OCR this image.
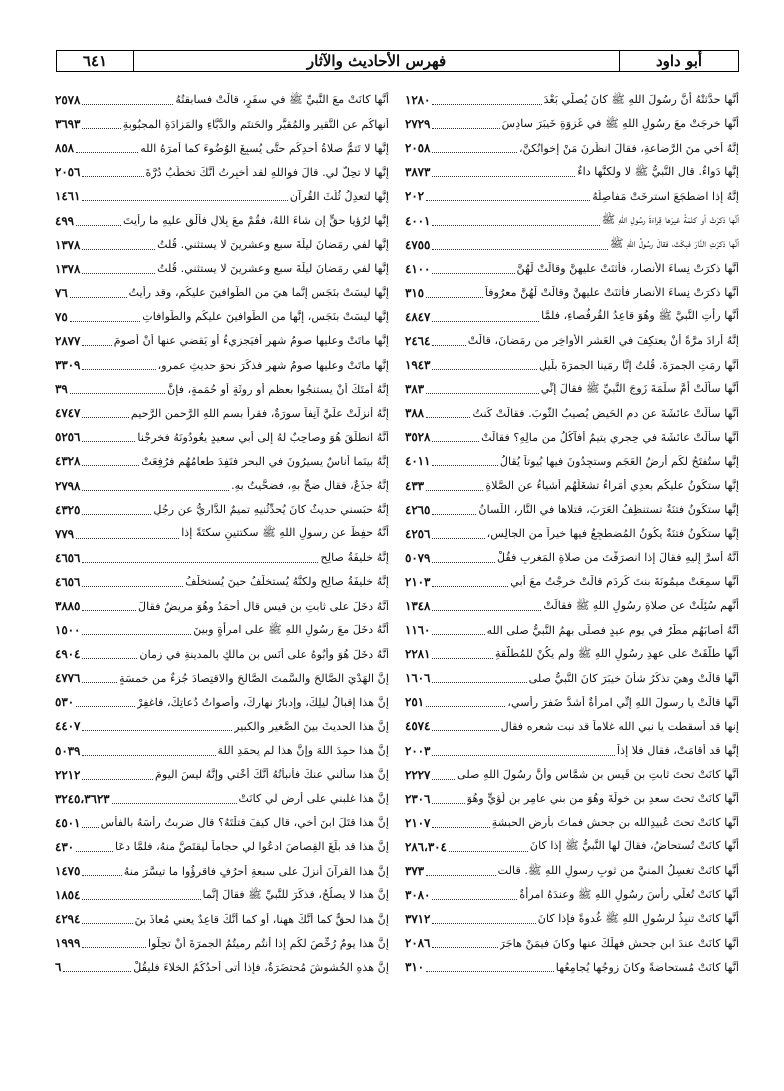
أبو داود
فهرس الأحاديث والآثار
٦٤١
أنَّها حدَّثتْهُ أنَّ رسُولَ اللهِ ﷺ كانَ يُصلِّي بَعْدَ
١٢٨٠
أنَّها خرجَتْ معَ رسُولِ اللهِ ﷺ في غَزوَةِ خَيبَرَ سادِسَ
٢٧٢٩
إنَّهُ أخي منَ الرَّضاعةِ، فقالَ انظُرنَ مَنْ إخوانُكنَّ،
٢٠٥٨
إنَّها دَواءٌ. قال النَّبيُّ ﷺ لا ولكنَّها داءٌ
٣٨٧٣
إنَّهُ إذا اضطجَعَ استرخَتْ مَفاصِلُهُ
٢٠٢
أنَّها ذكرَتْ أو كلمَةً غيرَها قِراءَةَ رسُولِ اللهِ ﷺ
٤٠٠١
أنَّها ذكرَتِ النَّارَ فبكَتْ، فقالَ رسُولُ اللهِ ﷺ
٤٧٥٥
أنَّها ذكرَتْ نِساءَ الأنصارِ، فأثنَتْ عليهِنَّ وقالَتْ لَهُنَّ
٤١٠٠
أنَّها ذكرَتْ نِساءَ الأنصارِ فأثنَتْ عليهِنَّ وقالَتْ لَهُنَّ معرُوفاً
٣١٥
أنَّها رأتِ النَّبيَّ ﷺ وهُوَ قاعِدُ القُرفُصاءِ، فلمَّا
٤٨٤٧
إنَّهُ أرادَ مرَّةً أنْ يعتكِفَ في العَشرِ الأواخِرِ من رمَضانَ، قالَتْ
٢٤٦٤
أنَّها رمَتِ الجمرَةَ. قُلتُ إنَّا رمَينا الجمرَةَ بلَيلٍ
١٩٤٣
أنَّها سألَتْ أمَّ سلَمَةَ زَوجَ النَّبيِّ ﷺ فقالَ إنِّي
٣٨٣
أنَّها سألَتْ عائشَةَ عن دمِ الحَيضِ يُصيبُ الثَّوبَ. فقالَتْ كُنتُ
٣٨٨
أنَّها سألَتْ عائشَةَ في حِجري يتيمٌ أفآكُلُ من مالِهِ؟ فقالَتْ
٣٥٢٨
إنَّها ستُفتَحُ لكُم أرضُ العَجَمِ وستجِدُونَ فيها بُيوتاً يُقالُ
٤٠١١
إنَّها ستكُونُ عليكُم بعدِي أمَراءُ تشغَلُهُم أشياءُ عن الصَّلاةِ
٤٣٣
إنَّها ستكُونُ فتنَةٌ تستنظِفُ العَرَبَ، قتلاها في النَّارِ، اللِّسانُ
٤٢٦٥
إنَّها ستكُونُ فتنَةٌ يكُونُ المُضطجِعُ فيها خيراً من الجالِسِ،
٤٢٥٦
أنَّهُ أسرَّ إليهِ فقالَ إذا انصرَفْتَ من صلاةِ المَغرِبِ فقُلْ
٥٠٧٩
أنَّها سمِعَتْ ميمُونَةَ بنتَ كَردَمٍ قالَتْ خرجْتُ معَ أبي
٢١٠٣
أنَّهم سُئِلَتْ عن صلاةِ رسُولِ اللهِ ﷺ فقالَتْ
١٣٤٨
أنَّهُ أصابَهُم مطَرٌ في يومِ عيدٍ فصلَّى بهِمُ النَّبيُّ صلى الله
١١٦٠
أنَّها طلَّقَتْ على عهدِ رسُولِ اللهِ ﷺ ولم يكُنْ للمُطلَّقةِ
٢٢٨١
أنَّها قالَتْ وهيَ تذكُرُ شأنَ خيبَرَ كانَ النَّبيُّ صلى
١٦٠٦
أنَّها قالَتْ يا رسولَ اللهِ إنِّي امرأةٌ أشدُّ ضَفرَ رأسي،
٢٥١
إنها قد أسقطت يا نبي الله غلاماً قد نبت شعره فقال
٤٥٧٤
إنَّها قد أقامَتْ، فقال فلا إذاً
٢٠٠٣
أنَّها كانَتْ تحتَ ثابتِ بنِ قَيسِ بنِ شمَّاسٍ وأنَّ رسُولَ اللهِ صلى
٢٢٢٧
أنَّها كانَتْ تحتَ سعدِ بنِ خولَةَ وهُوَ من بني عامِرِ بنِ لُؤيٍّ وهُوَ
٢٣٠٦
أنَّها كانَتْ تحتَ عُبيدِالله بنِ جحشٍ فماتَ بأرضِ الحبشةِ
٢١٠٧
أنَّها كانَتْ تُستحاضُ، فقالَ لها النَّبيُّ ﷺ إذا كانَ
٢٨٦،٣٠٤
أنَّها كانَتْ تغسِلُ المنيَّ من ثوبِ رسولِ اللهِ ﷺ. قالت
٣٧٣
أنَّها كانَتْ تُغلِّي رأسَ رسُولِ اللهِ ﷺ وعندَهُ امرأةٌ
٣٠٨٠
أنَّها كانَتْ تنبِذُ لرسُولِ اللهِ ﷺ غُدوةً فإذا كانَ
٣٧١٢
أنَّها كانَتْ عندَ ابنِ جحشٍ فهلَكَ عنها وكانَ فيمَنْ هاجَرَ
٢٠٨٦
أنَّها كانَتْ مُستحاضةً وكانَ زوجُها يُجامِعُها
٣١٠
أنَّها كانَتْ معَ النَّبيِّ ﷺ في سفَرٍ، قالَتْ فسابقتُهُ
٢٥٧٨
أنهاكُم عن النَّقيرِ والمُقيَّرِ والحَنتَمِ والدُّبَّاءِ والمَزادَةِ المجبُوبةِ
٣٦٩٣
إنَّها لا تَتمُّ صلاةُ أحدِكُم حتَّى يُسبِغَ الوُضُوءَ كما أمرَهُ الله
٨٥٨
إنَّها لا تحِلُّ لي. قالَ فواللهِ لقد أُخبِرتُ أنَّكَ تخطُبُ دُرَّةَ
٢٠٥٦
إنَّها لتعدِلُ ثُلُثَ القُرآنِ
١٤٦١
إنَّها لرُؤيا حقٍّ إن شاءَ اللهُ، فقُمْ معَ بِلالٍ فألْقِ عليهِ ما رأيتَ
٤٩٩
إنَّها لفي رمَضانَ ليلَةَ سبعٍ وعشرينَ لا يستثني. قُلتُ
١٣٧٨
إنَّها لفي رمَضانَ ليلَةَ سبعٍ وعشرينَ لا يستثني. قُلتُ
١٣٧٨
إنَّها ليسَتْ بنَجَسٍ إنَّما هيَ من الطَّوافينَ عليكُم، وقد رأيتُ
٧٦
إنَّها ليسَتْ بنَجَسٍ، إنَّها من الطَّوافينَ عليكُم والطَّوافاتِ
٧٥
إنَّها ماتَتْ وعليها صومُ شهرٍ أفيَجزيءُ أو يَقضي عنها أنْ أصومَ
٢٨٧٧
إنَّها ماتَتْ وعليها صومُ شهرٍ فذكَرَ نحوَ حديثِ عمرو،
٣٣٠٩
إنَّهُ أمتَكَ أنْ يستنجُوا بعظمٍ أو روثَةٍ أو حُمَمةٍ، فإنَّ
٣٩
إنَّهُ أُنزِلَتْ علَيَّ آنِفاً سورَةٌ، فقرأَ بسمِ اللهِ الرَّحمنِ الرَّحيمِ
٤٧٤٧
أنَّهُ انطلَقَ هُوَ وصاحِبٌ لهُ إلى أبي سعيدٍ يعُودُونَهُ فخرجْنا
٥٢٥٦
إنَّهُ بينَما أُناسٌ يسيرُونَ في البحرِ فنَفِدَ طعامُهُم فرُفِعَتْ
٤٣٢٨
إنَّهُ جذَعٌ، فقال ضحِّ بهِ، فضحَّيتُ بهِ.
٢٧٩٨
إنَّهُ حبَسني حديثٌ كانَ يُحدِّثُنيهِ تميمٌ الدَّاريُّ عن رجُلٍ
٤٣٢٥
أنَّهُ حفِظَ عن رسولِ اللهِ ﷺ سكتتينِ سكتَةً إذا
٧٧٩
إنَّهُ خليفَةُ صالِحٍ
٤٦٥٦
إنَّهُ خليفَةُ صالِحٍ ولكنَّهُ يُستخلَفُ حينَ يُستخلَفُ
٤٦٥٦
أنَّهُ دخَلَ على ثابتِ بنِ قيسٍ قال أحمَدُ وهُوَ مريضٌ فقالَ
٣٨٨٥
أنَّهُ دخَلَ معَ رسُولِ اللهِ ﷺ على امرأةٍ وبينَ
١٥٠٠
أنَّهُ دخَلَ هُوَ وأبُوهُ على أنَسِ بنِ مالكٍ بالمدينةِ في زمانِ
٤٩٠٤
إنَّ الهَدْيَ الصَّالحَ والسَّمتَ الصَّالحَ والاقتِصادَ جُزءٌ من خمسَةٍ
٤٧٧٦
إنَّ هذا إقبالُ ليلِكَ، وإدبارُ نهارِكَ، وأصواتُ دُعاتِكَ، فاغفِرْ
٥٣٠
إنَّ هذا الحديثَ بينَ الصَّغيرِ والكبيرِ
٤٤٠٧
إنَّ هذا حمِدَ اللهَ وإنَّ هذا لم يحمَدِ اللهَ
٥٠٣٩
إنَّ هذا سألني عنكَ فأنبأتُهُ أنَّكَ أخْتي وإنَّهُ ليسَ اليومَ
٢٢١٢
إنَّ هذا غلبني على أرضٍ لي كانَتْ
٣٢٤٥،٣٦٢٣
إنَّ هذا قتَلَ ابنَ أخي، قال كيفَ قتلْتَهُ؟ قال ضربتُ رأسَهُ بالفأسِ
٤٥٠١
إنَّ هذا قد بلَغَ القِصاصَ ادعُوا لي حجاماً ليقتَصَّ منهُ، فلمَّا دعَا
٤٣٠
إنَّ هذا القرآنَ أُنزِلَ على سبعةِ أحرُفٍ فاقرؤُوا ما تيسَّرَ منهُ
١٤٧٥
إنَّ هذا لا يصلُحُ، فذكَرَ للنَّبيِّ ﷺ فقالَ إنَّما
١٨٥٤
إنَّ هذا لحقٌّ كما أنَّكَ ههنا، أو كما أنَّكَ قاعِدٌ يعني مُعاذَ بنَ
٤٢٩٤
إنَّ هذا يومٌ رُخِّصَ لكُم إذا أنتُم رميتُمُ الجمرَةَ أنْ تحِلُّوا
١٩٩٩
إنَّ هذهِ الحُشوشَ مُحتضَرَةٌ، فإذا أتى أحدُكُمُ الخلاءَ فليقُلْ
٦
